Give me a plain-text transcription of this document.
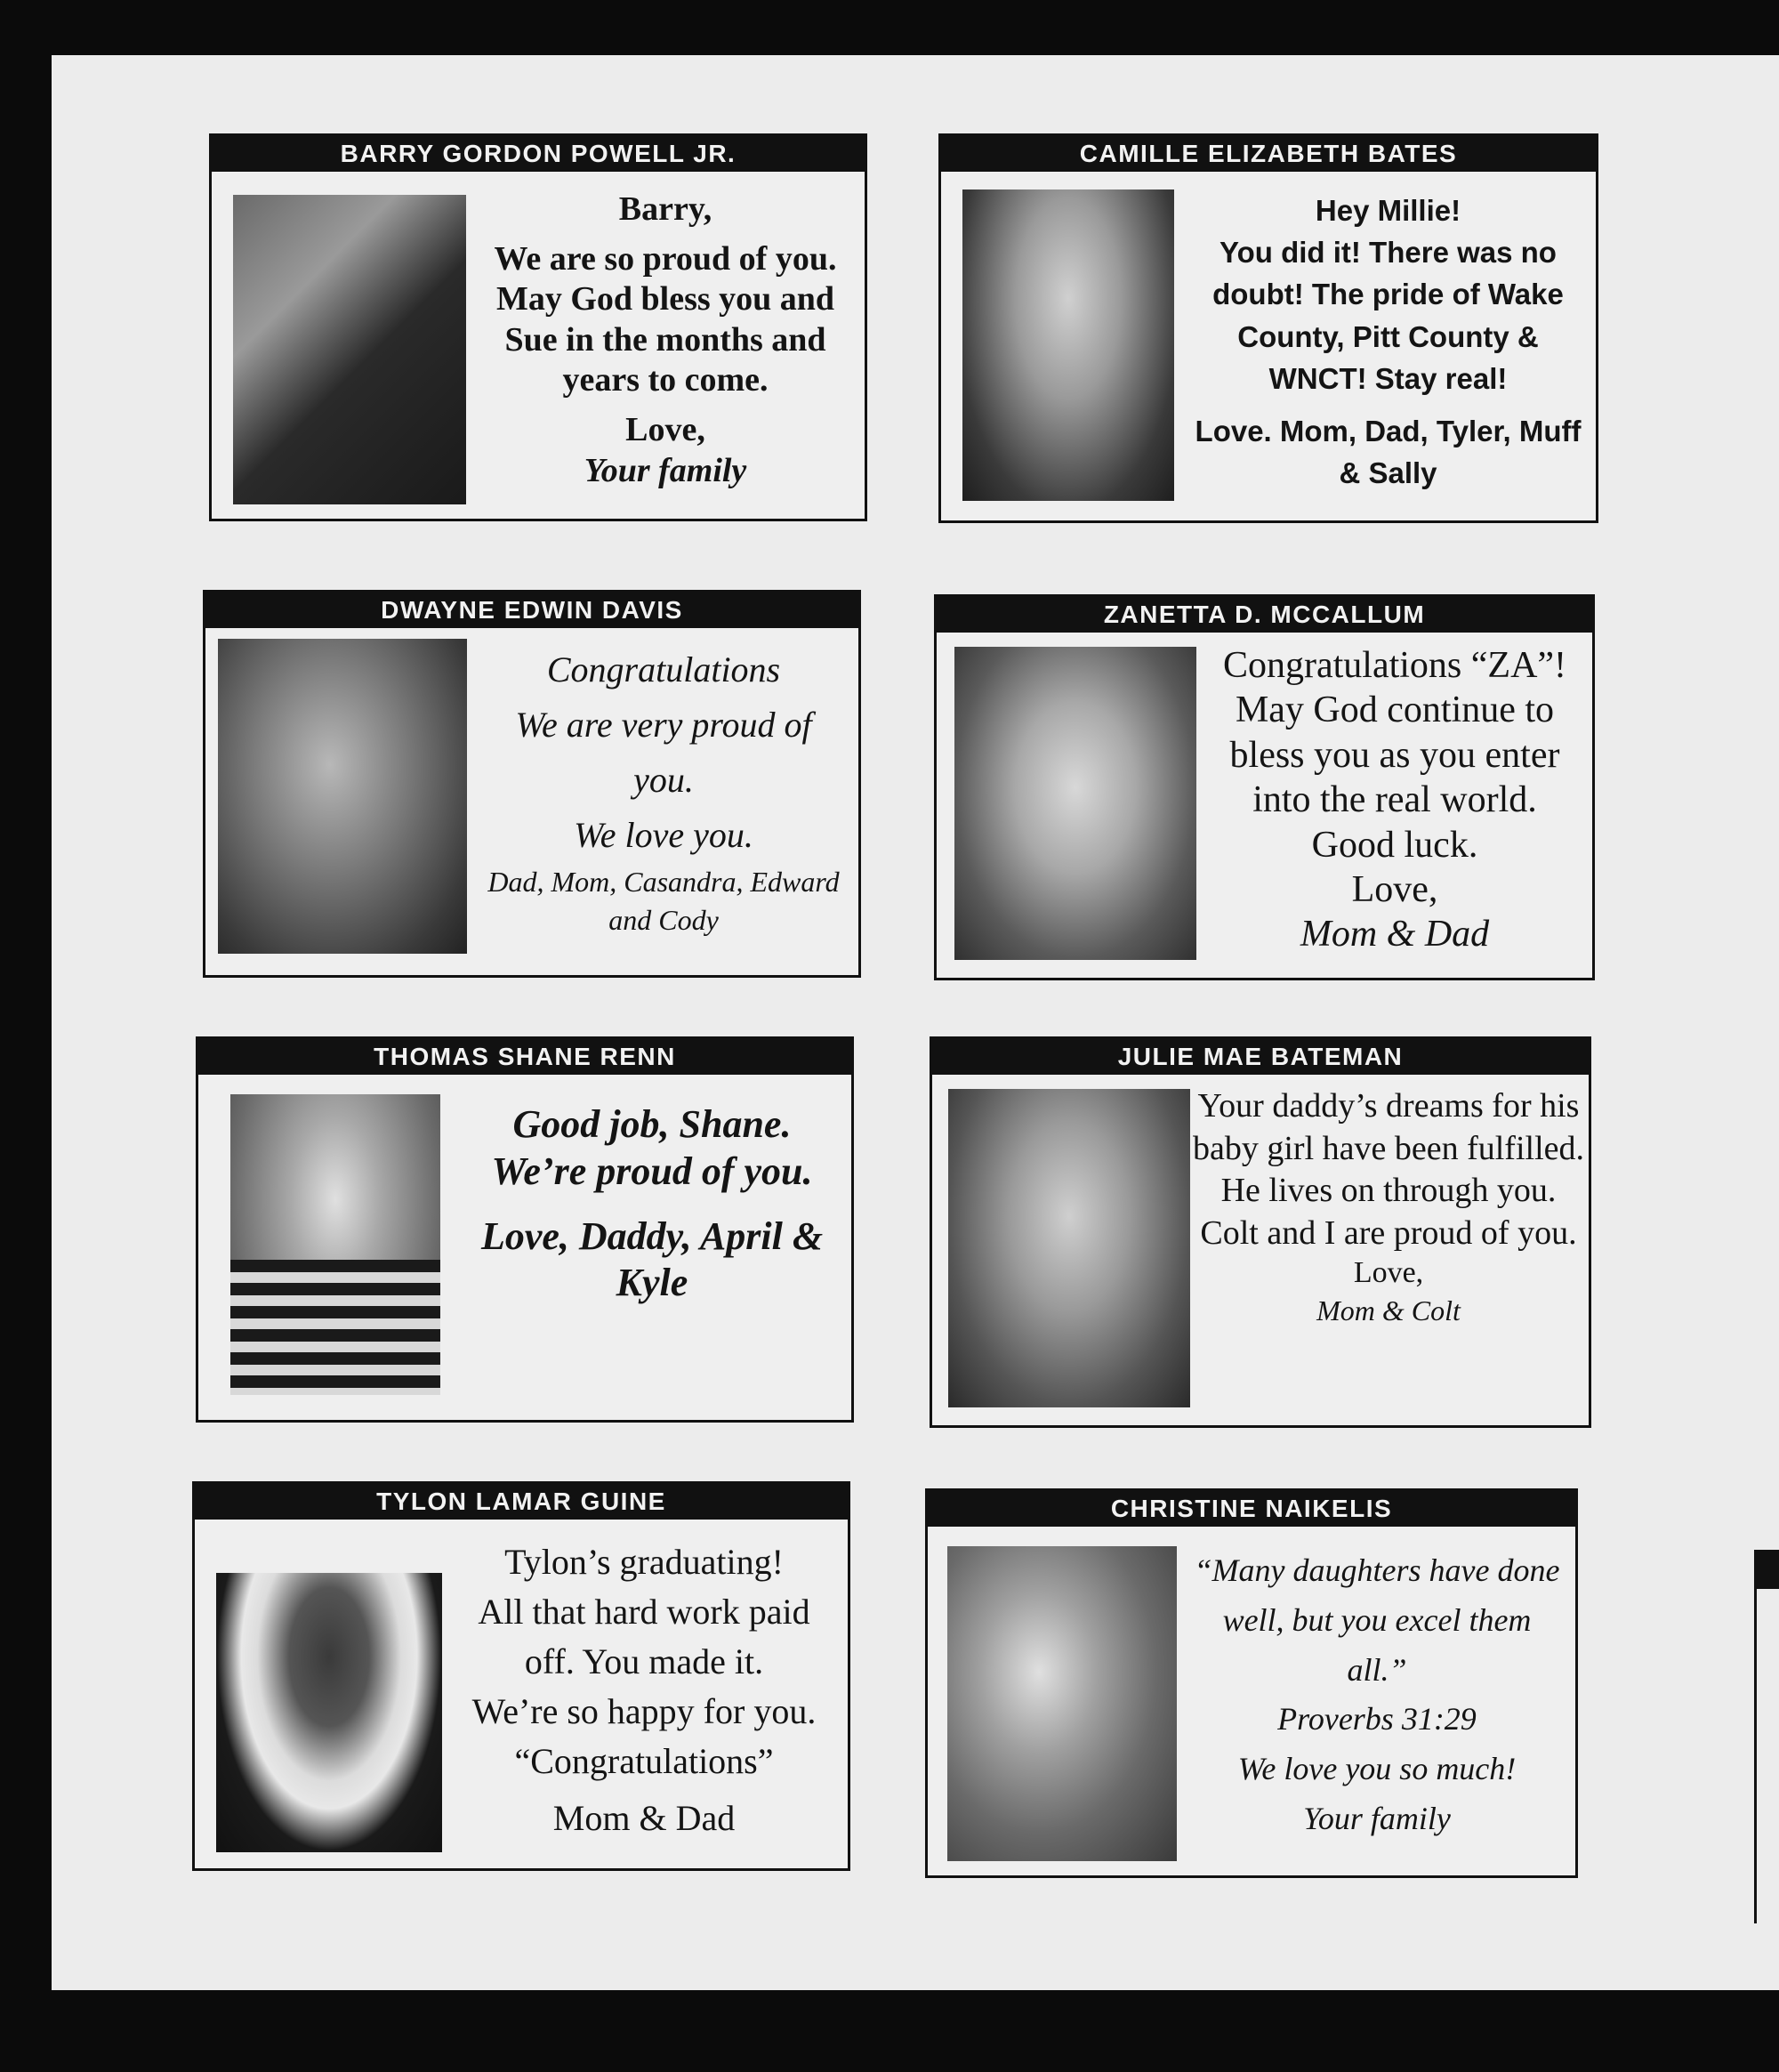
BARRY GORDON POWELL JR.

Barry,

We are so proud of you. May God bless you and Sue in the months and years to come.

Love,

Your family

CAMILLE ELIZABETH BATES

Hey Millie!

You did it! There was no doubt! The pride of Wake County, Pitt County & WNCT! Stay real!

Love. Mom, Dad, Tyler, Muff & Sally

DWAYNE EDWIN DAVIS

Congratulations

We are very proud of you.

We love you.

Dad, Mom, Casandra, Edward and Cody

ZANETTA D. MCCALLUM

Congratulations “ZA”!

May God continue to bless you as you enter into the real world.

Good luck.

Love,

Mom & Dad

THOMAS SHANE RENN

Good job, Shane. We’re proud of you.

Love, Daddy, April & Kyle

JULIE MAE BATEMAN

Your daddy’s dreams for his baby girl have been fulfilled.

He lives on through you.

Colt and I are proud of you.

Love,

Mom & Colt

TYLON LAMAR GUINE

Tylon’s graduating!

All that hard work paid off. You made it.

We’re so happy for you.

“Congratulations”

Mom & Dad

CHRISTINE NAIKELIS

“Many daughters have done well, but you excel them all.”

Proverbs 31:29

We love you so much!

Your family
